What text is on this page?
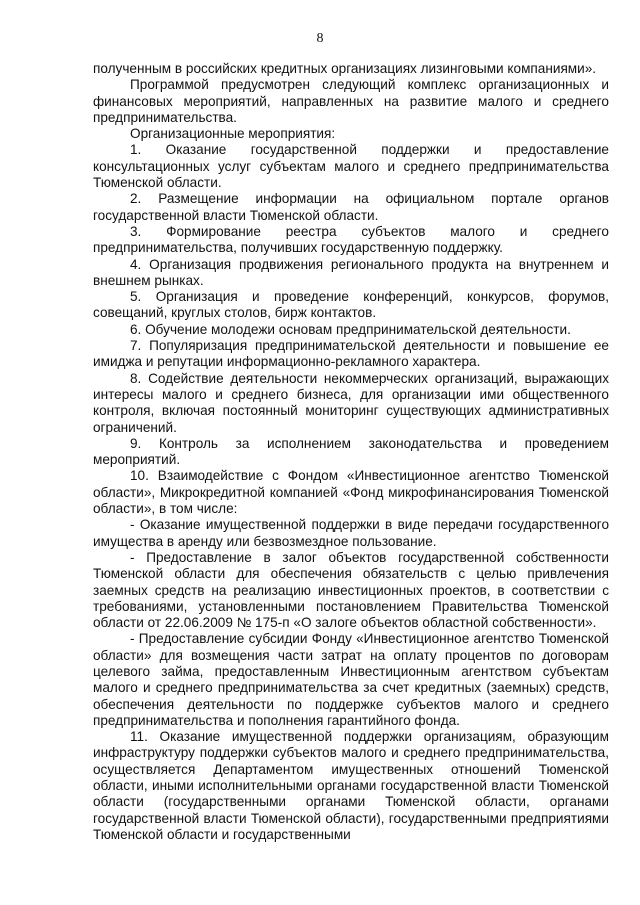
8

полученным в российских кредитных организациях лизинговыми компаниями».

Программой предусмотрен следующий комплекс организационных и финансовых мероприятий, направленных на развитие малого и среднего предпринимательства.

Организационные мероприятия:

1. Оказание государственной поддержки и предоставление консультационных услуг субъектам малого и среднего предпринимательства Тюменской области.

2. Размещение информации на официальном портале органов государственной власти Тюменской области.

3. Формирование реестра субъектов малого и среднего предпринимательства, получивших государственную поддержку.

4. Организация продвижения регионального продукта на внутреннем и внешнем рынках.

5. Организация и проведение конференций, конкурсов, форумов, совещаний, круглых столов, бирж контактов.

6. Обучение молодежи основам предпринимательской деятельности.

7. Популяризация предпринимательской деятельности и повышение ее имиджа и репутации информационно-рекламного характера.

8. Содействие деятельности некоммерческих организаций, выражающих интересы малого и среднего бизнеса, для организации ими общественного контроля, включая постоянный мониторинг существующих административных ограничений.

9. Контроль за исполнением законодательства и проведением мероприятий.

10. Взаимодействие с Фондом «Инвестиционное агентство Тюменской области», Микрокредитной компанией «Фонд микрофинансирования Тюменской области», в том числе:

- Оказание имущественной поддержки в виде передачи государственного имущества в аренду или безвозмездное пользование.

- Предоставление в залог объектов государственной собственности Тюменской области для обеспечения обязательств с целью привлечения заемных средств на реализацию инвестиционных проектов, в соответствии с требованиями, установленными постановлением Правительства Тюменской области от 22.06.2009 № 175-п «О залоге объектов областной собственности».

- Предоставление субсидии Фонду «Инвестиционное агентство Тюменской области» для возмещения части затрат на оплату процентов по договорам целевого займа, предоставленным Инвестиционным агентством субъектам малого и среднего предпринимательства за счет кредитных (заемных) средств, обеспечения деятельности по поддержке субъектов малого и среднего предпринимательства и пополнения гарантийного фонда.

11. Оказание имущественной поддержки организациям, образующим инфраструктуру поддержки субъектов малого и среднего предпринимательства, осуществляется Департаментом имущественных отношений Тюменской области, иными исполнительными органами государственной власти Тюменской области (государственными органами Тюменской области, органами государственной власти Тюменской области), государственными предприятиями Тюменской области и государственными
